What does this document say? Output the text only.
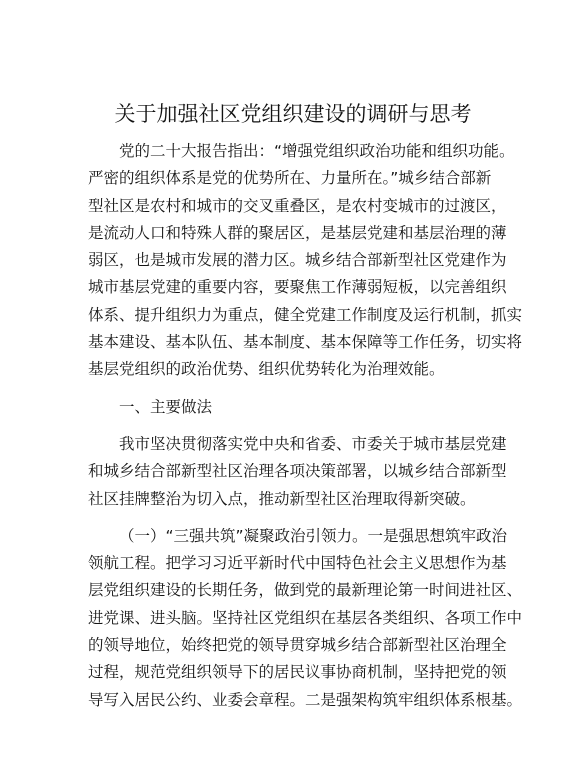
关于加强社区党组织建设的调研与思考
党的二十大报告指出：“增强党组织政治功能和组织功能。
严密的组织体系是党的优势所在、力量所在。”城乡结合部新
型社区是农村和城市的交叉重叠区，是农村变城市的过渡区，
是流动人口和特殊人群的聚居区，是基层党建和基层治理的薄
弱区，也是城市发展的潜力区。城乡结合部新型社区党建作为
城市基层党建的重要内容，要聚焦工作薄弱短板，以完善组织
体系、提升组织力为重点，健全党建工作制度及运行机制，抓实
基本建设、基本队伍、基本制度、基本保障等工作任务，切实将
基层党组织的政治优势、组织优势转化为治理效能。
一、主要做法
我市坚决贯彻落实党中央和省委、市委关于城市基层党建
和城乡结合部新型社区治理各项决策部署，以城乡结合部新型
社区挂牌整治为切入点，推动新型社区治理取得新突破。
（一）“三强共筑”凝聚政治引领力。一是强思想筑牢政治
领航工程。把学习习近平新时代中国特色社会主义思想作为基
层党组织建设的长期任务，做到党的最新理论第一时间进社区、
进党课、进头脑。坚持社区党组织在基层各类组织、各项工作中
的领导地位，始终把党的领导贯穿城乡结合部新型社区治理全
过程，规范党组织领导下的居民议事协商机制，坚持把党的领
导写入居民公约、业委会章程。二是强架构筑牢组织体系根基。
